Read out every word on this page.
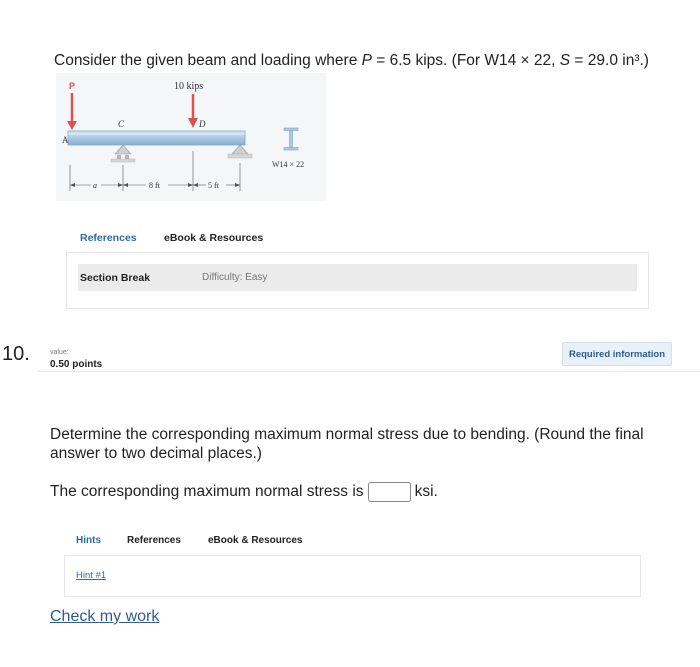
Consider the given beam and loading where P = 6.5 kips. (For W14 × 22, S = 29.0 in³.)
P	10 kips
A
C	D
a	8 ft	5 ft
W14 × 22
References	eBook & Resources
Section Break	Difficulty: Easy
10.	value:
0.50 points
Required information
Determine the corresponding maximum normal stress due to bending. (Round the final answer to two decimal places.)
The corresponding maximum normal stress is	ksi.
Hints	References	eBook & Resources
Hint #1
Check my work
